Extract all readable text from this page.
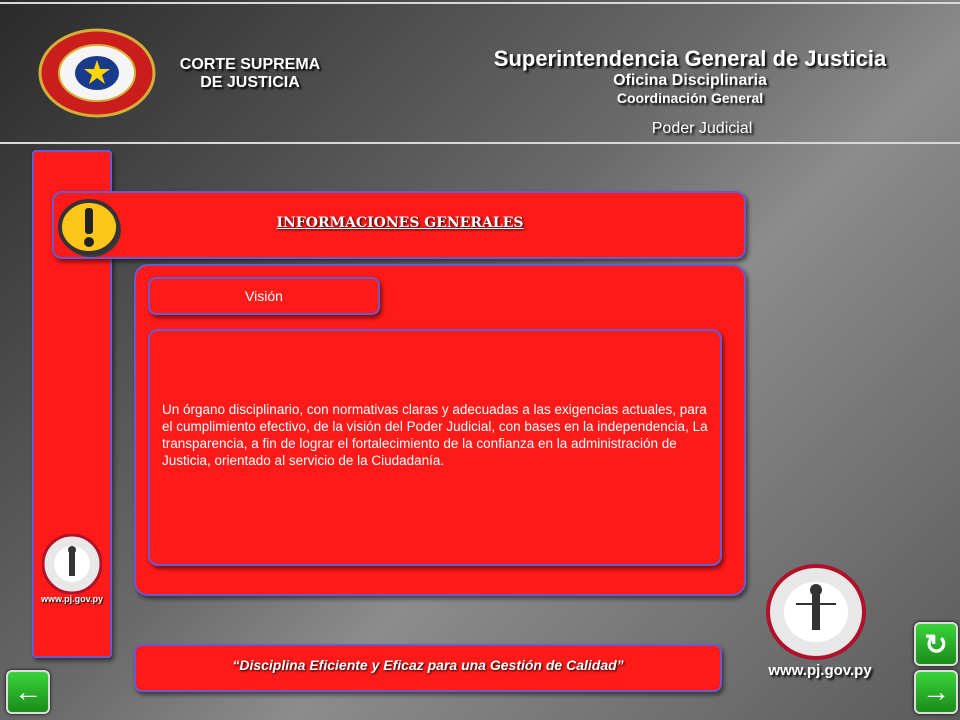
CORTE SUPREMA
DE JUSTICIA
Superintendencia General de Justicia
Oficina Disciplinaria
Coordinación General
Poder Judicial
www.pj.gov.py
INFORMACIONES GENERALES
Visión
Un órgano disciplinario, con normativas claras y adecuadas a las exigencias actuales, para el cumplimiento efectivo, de la visión del Poder Judicial, con bases en la independencia, La transparencia, a fin de lograr el fortalecimiento de la confianza en la administración de Justicia, orientado al servicio de la Ciudadanía.
“Disciplina Eficiente y Eficaz para una Gestión de Calidad”	www.pj.gov.py
←
↻
→
